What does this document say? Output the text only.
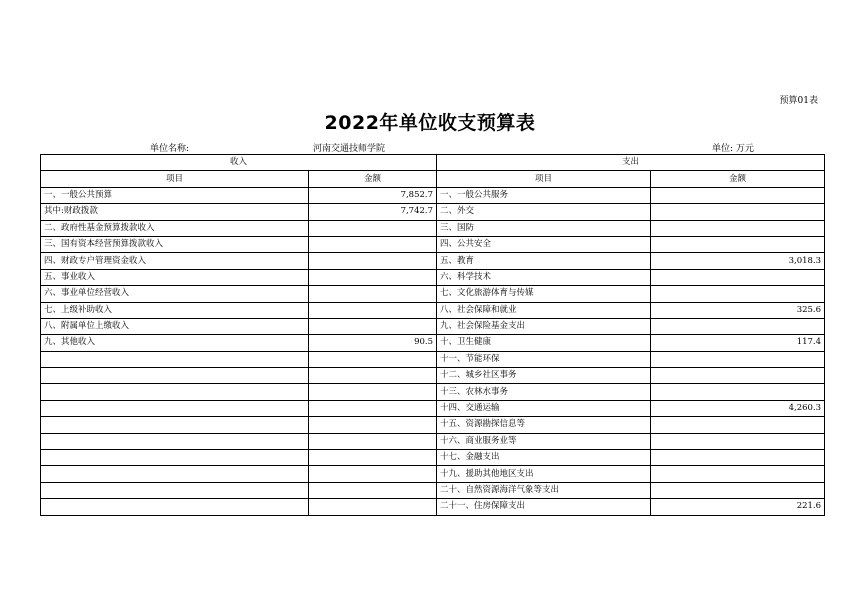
预算01表
2022年单位收支预算表
单位名称:	河南交通技师学院	单位: 万元
收入		支出	
项目	金额	项目	金额
一、一般公共预算	7,852.7	一、一般公共服务	
其中:财政拨款	7,742.7	二、外交	
二、政府性基金预算拨款收入		三、国防	
三、国有资本经营预算拨款收入		四、公共安全	
四、财政专户管理资金收入		五、教育	3,018.3
五、事业收入		六、科学技术	
六、事业单位经营收入		七、文化旅游体育与传媒	
七、上级补助收入		八、社会保障和就业	325.6
八、附属单位上缴收入		九、社会保险基金支出	
九、其他收入	90.5	十、卫生健康	117.4
		十一、节能环保	
		十二、城乡社区事务	
		十三、农林水事务	
		十四、交通运输	4,260.3
		十五、资源勘探信息等	
		十六、商业服务业等	
		十七、金融支出	
		十九、援助其他地区支出	
		二十、自然资源海洋气象等支出	
		二十一、住房保障支出	221.6
